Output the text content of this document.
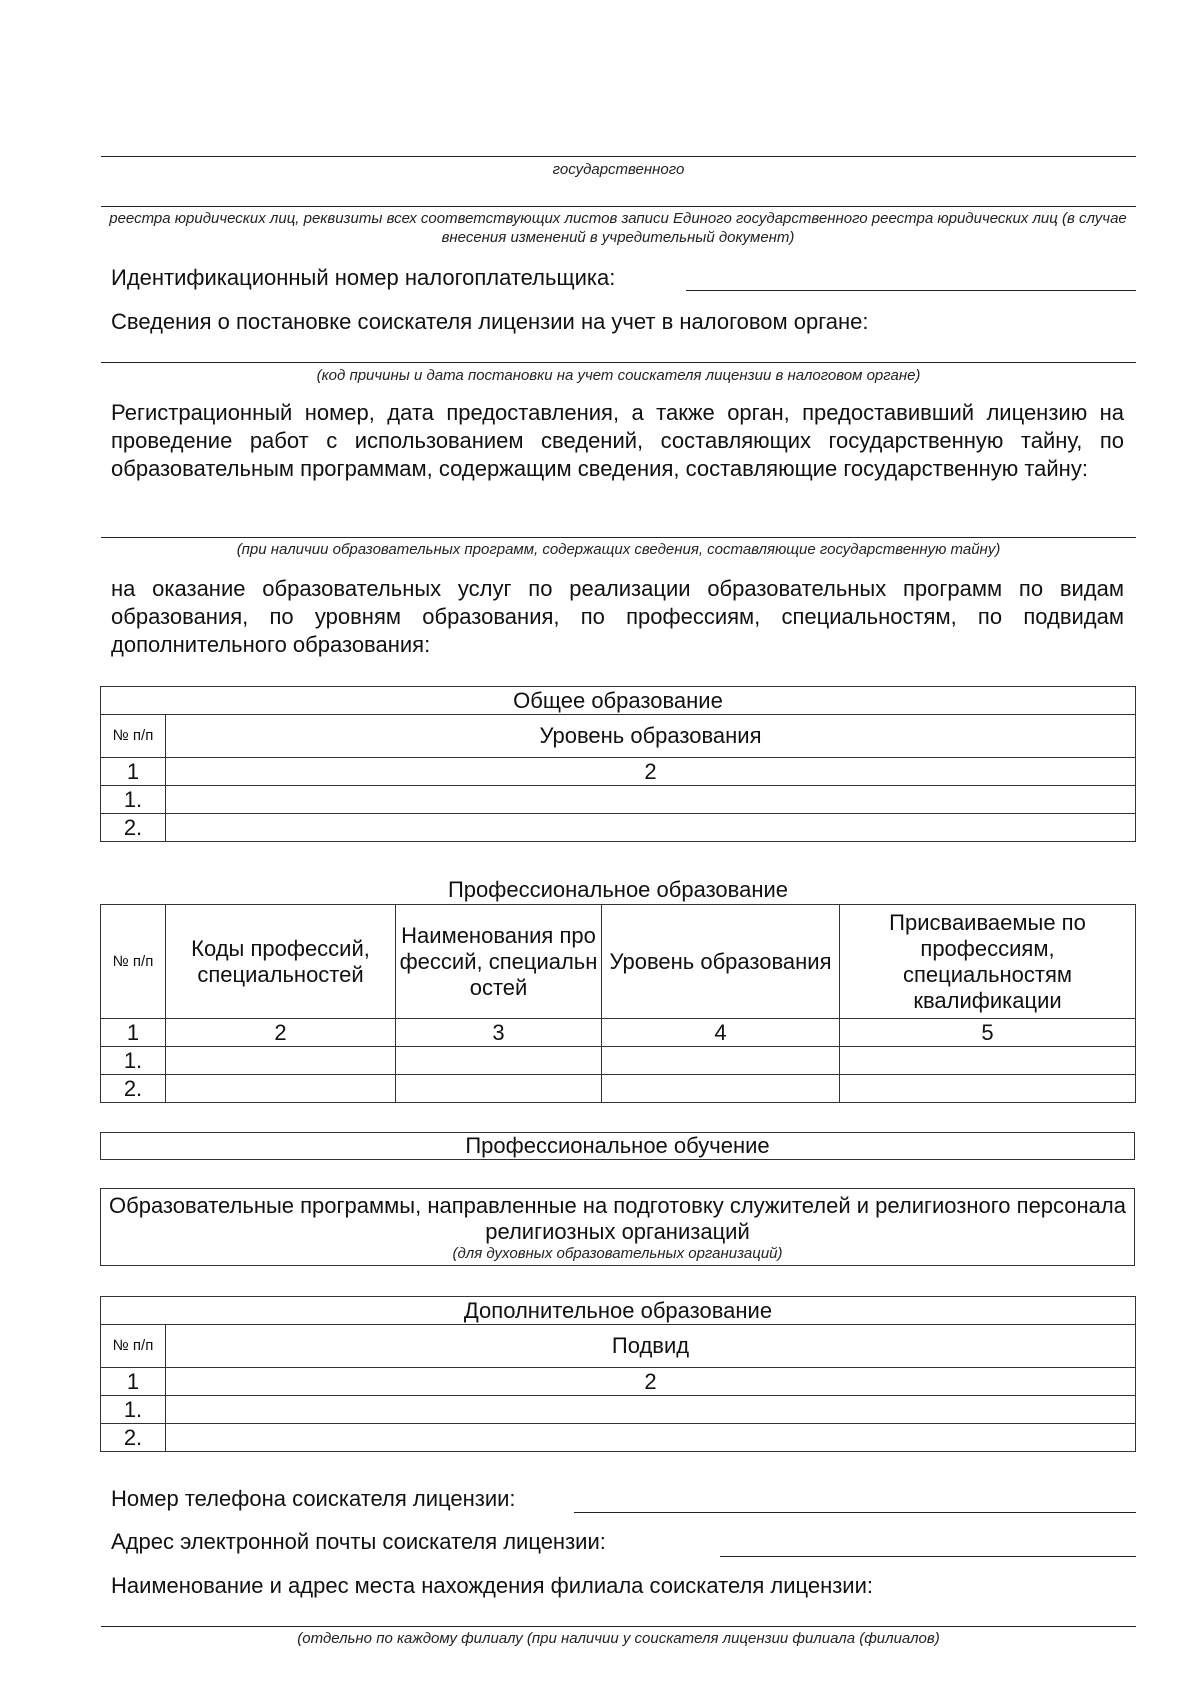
государственного
реестра юридических лиц, реквизиты всех соответствующих листов записи Единого государственного реестра юридических лиц (в случае внесения изменений в учредительный документ)
Идентификационный номер налогоплательщика:
Сведения о постановке соискателя лицензии на учет в налоговом органе:
(код причины и дата постановки на учет соискателя лицензии в налоговом органе)
Регистрационный номер, дата предоставления, а также орган, предоставивший лицензию на проведение работ с использованием сведений, составляющих государственную тайну, по образовательным программам, содержащим сведения, составляющие государственную тайну:
(при наличии образовательных программ, содержащих сведения, составляющие государственную тайну)
на оказание образовательных услуг по реализации образовательных программ по видам образования, по уровням образования, по профессиям, специальностям, по подвидам дополнительного образования:
Общее образование	
№ п/п	Уровень образования
1	2
1.	
2.	
Профессиональное образование
№ п/п	Коды профессий, специальностей	Наименования профессий, специальностей	Уровень образования	Присваиваемые по профессиям, специальностям квалификации
1	2	3	4	5
1.				
2.				
Профессиональное обучение
Образовательные программы, направленные на подготовку служителей и религиозного персонала религиозных организаций
(для духовных образовательных организаций)
Дополнительное образование	
№ п/п	Подвид
1	2
1.	
2.	
Номер телефона соискателя лицензии:
Адрес электронной почты соискателя лицензии:
Наименование и адрес места нахождения филиала соискателя лицензии:
(отдельно по каждому филиалу (при наличии у соискателя лицензии филиала (филиалов)
